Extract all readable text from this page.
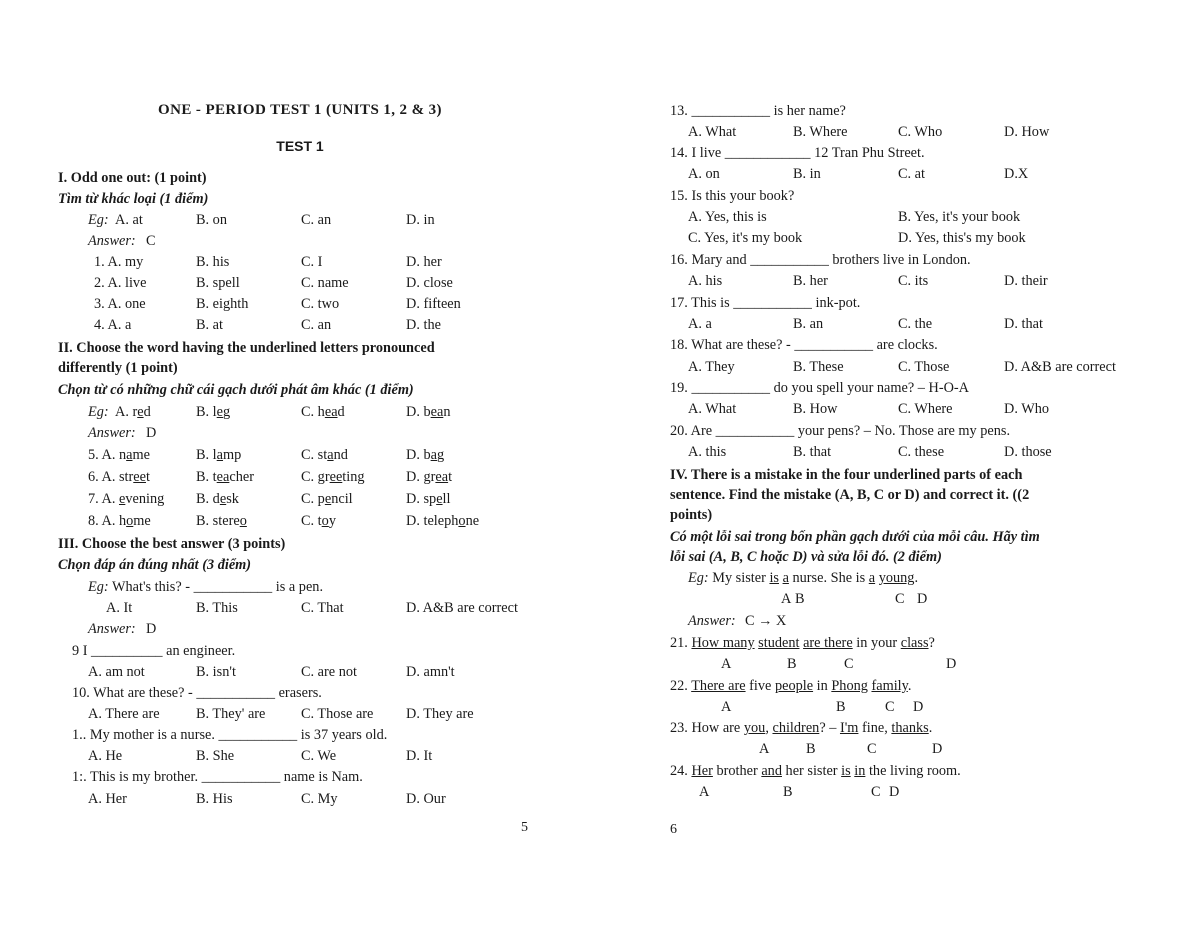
ONE - PERIOD TEST 1 (UNITS 1, 2 & 3)
TEST 1
I. Odd one out: (1 point)
Tìm từ khác loại (1 điểm)
Eg: A. at	B. on	C. an	D. in
Answer: C
1. A. my	B. his	C. I	D. her
2. A. live	B. spell	C. name	D. close
3. A. one	B. eighth	C. two	D. fifteen
4. A. a	B. at	C. an	D. the
II. Choose the word having the underlined letters pronounced
differently (1 point)
Chọn từ có những chữ cái gạch dưới phát âm khác (1 điểm)
Eg: A. red	B. leg	C. head	D. bean
Answer: D
5. A. name	B. lamp	C. stand	D. bag
6. A. street	B. teacher	C. greeting	D. great
7. A. evening B. desk	C. pencil	D. spell
8. A. home	B. stereo	C. toy	D. telephone
III. Choose the best answer (3 points)
Chọn đáp án đúng nhất (3 điểm)
Eg: What's this? - ___________ is a pen.
A. It	B. This	C. That	D. A&B are correct
Answer: D
9 I __________ an engineer.
A. am not	B. isn't	C. are not	D. amn't
10. What are these? - ___________ erasers.
A. There are	B. They' are C. Those are D. They are
1.. My mother is a nurse. ___________ is 37 years old.
A. He	B. She	C. We	D. It
1:. This is my brother. ___________ name is Nam.
A. Her	B. His	C. My	D. Our
5
13. ___________ is her name?
A. What	B. Where	C. Who	D. How
14. I live ____________ 12 Tran Phu Street.
A. on	B. in	C. at	D.X
15. Is this your book?
A. Yes, this is	B. Yes, it's your book
C. Yes, it's my book	D. Yes, this's my book
16. Mary and ___________ brothers live in London.
A. his	B. her	C. its	D. their
17. This is ___________ ink-pot.
A. a	B. an	C. the	D. that
18. What are these? - ___________ are clocks.
A. They	B. These	C. Those	D. A&B are correct
19. ___________ do you spell your name? – H-O-A
A. What	B. How	C. Where	D. Who
20. Are ___________ your pens? – No. Those are my pens.
A. this	B. that	C. these	D. those
IV. There is a mistake in the four underlined parts of each
sentence. Find the mistake (A, B, C or D) and correct it. ((2
points)
Có một lỗi sai trong bốn phần gạch dưới của mỗi câu. Hãy tìm
lỗi sai (A, B, C hoặc D) và sửa lỗi đó. (2 điểm)
Eg: My sister is a nurse. She is a young.
A B	C D
Answer: C → X
21. How many student are there in your class?
A	B	C	D
22. There are five people in Phong family.
A	B	C D
23. How are you, children? – I'm fine, thanks.
A	B	C	D
24. Her brother and her sister is in the living room.
A	B	C D
6
